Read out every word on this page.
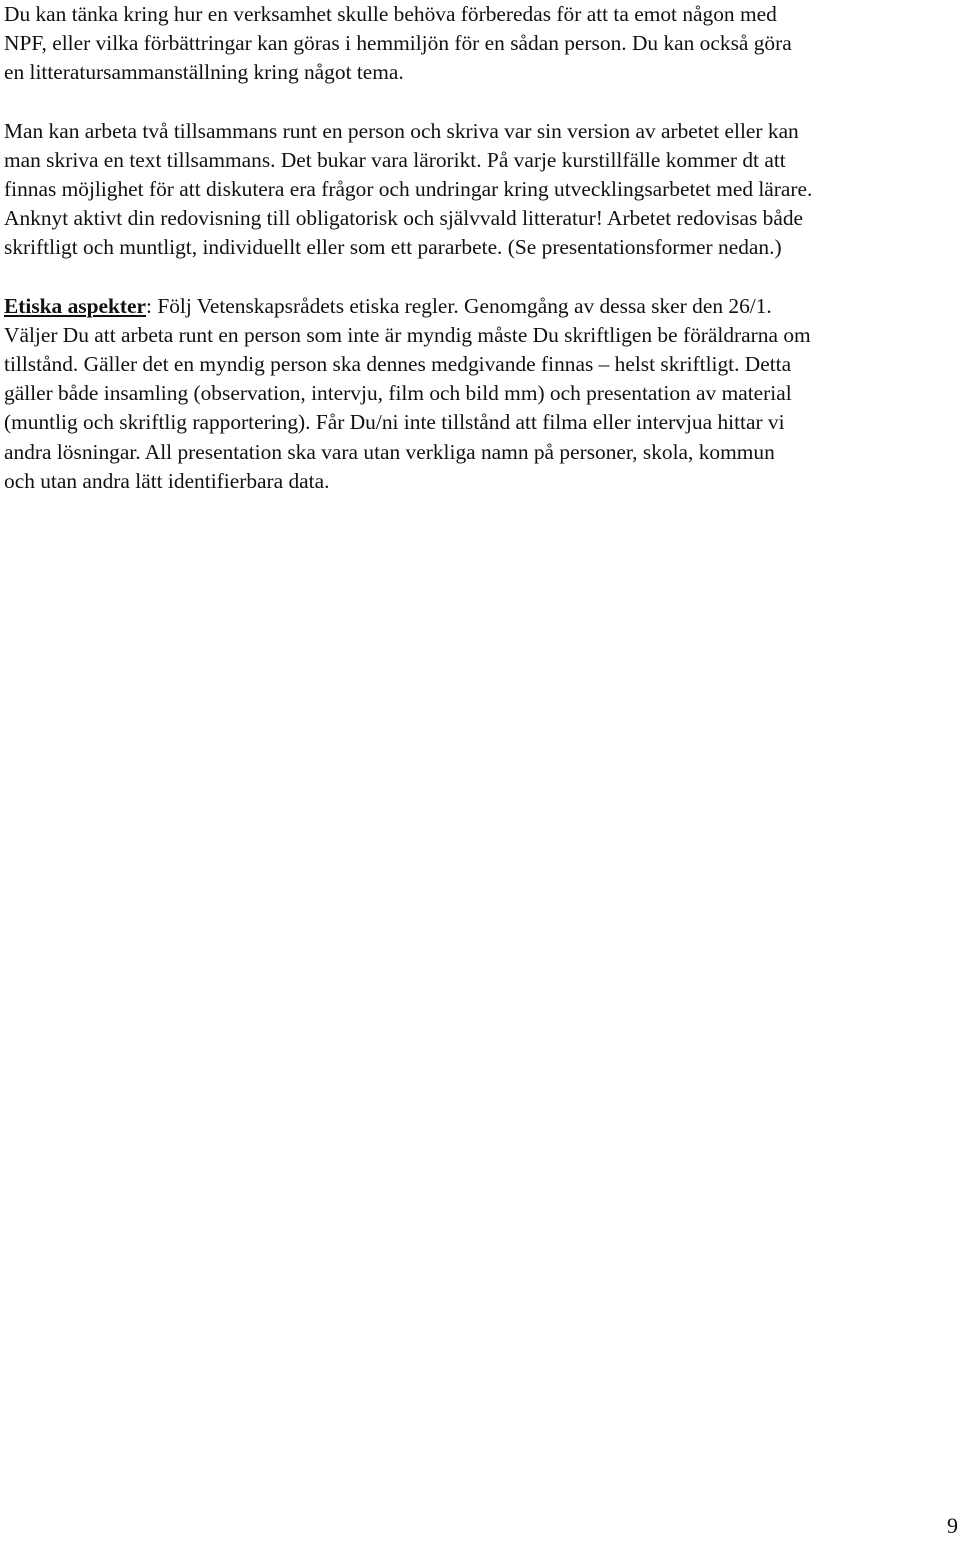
Du kan tänka kring hur en verksamhet skulle behöva förberedas för att ta emot någon med
NPF, eller vilka förbättringar kan göras i hemmiljön för en sådan person. Du kan också göra
en litteratursammanställning kring något tema.

Man kan arbeta två tillsammans runt en person och skriva var sin version av arbetet eller kan
man skriva en text tillsammans. Det bukar vara lärorikt. På varje kurstillfälle kommer dt att
finnas möjlighet för att diskutera era frågor och undringar kring utvecklingsarbetet med lärare.
Anknyt aktivt din redovisning till obligatorisk och självvald litteratur! Arbetet redovisas både
skriftligt och muntligt, individuellt eller som ett pararbete. (Se presentationsformer nedan.)

Etiska aspekter: Följ Vetenskapsrådets etiska regler. Genomgång av dessa sker den 26/1.
Väljer Du att arbeta runt en person som inte är myndig måste Du skriftligen be föräldrarna om
tillstånd. Gäller det en myndig person ska dennes medgivande finnas – helst skriftligt. Detta
gäller både insamling (observation, intervju, film och bild mm) och presentation av material
(muntlig och skriftlig rapportering). Får Du/ni inte tillstånd att filma eller intervjua hittar vi
andra lösningar. All presentation ska vara utan verkliga namn på personer, skola, kommun
och utan andra lätt identifierbara data.

9
